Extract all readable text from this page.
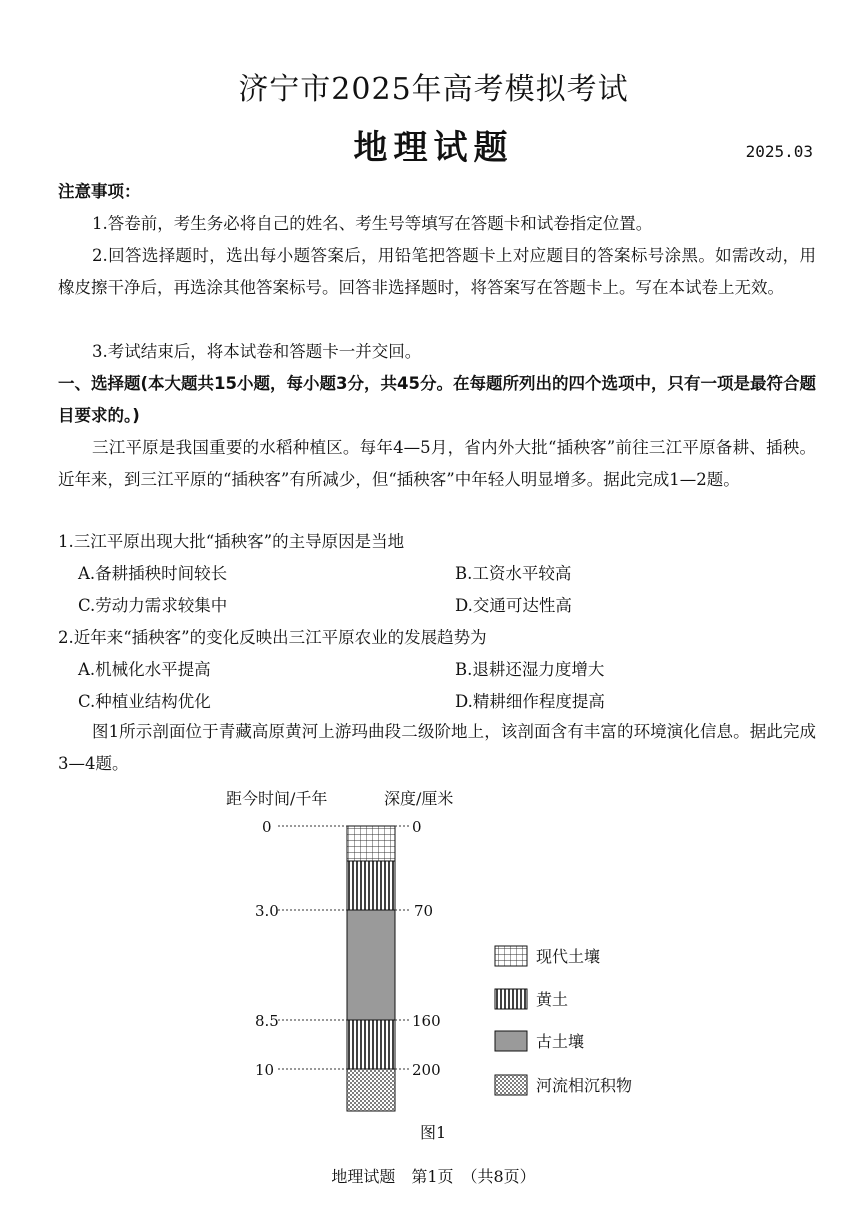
济宁市2025年高考模拟考试
地理试题	2025.03
注意事项：
1.答卷前，考生务必将自己的姓名、考生号等填写在答题卡和试卷指定位置。
2.回答选择题时，选出每小题答案后，用铅笔把答题卡上对应题目的答案标号涂黑。如需改动，用橡皮擦干净后，再选涂其他答案标号。回答非选择题时，将答案写在答题卡上。写在本试卷上无效。
3.考试结束后，将本试卷和答题卡一并交回。
一、选择题(本大题共15小题，每小题3分，共45分。在每题所列出的四个选项中，只有一项是最符合题目要求的。)
三江平原是我国重要的水稻种植区。每年4—5月，省内外大批“插秧客”前往三江平原备耕、插秧。近年来，到三江平原的“插秧客”有所减少，但“插秧客”中年轻人明显增多。据此完成1—2题。
1.三江平原出现大批“插秧客”的主导原因是当地
A.备耕插秧时间较长	B.工资水平较高
C.劳动力需求较集中	D.交通可达性高
2.近年来“插秧客”的变化反映出三江平原农业的发展趋势为
A.机械化水平提高	B.退耕还湿力度增大
C.种植业结构优化	D.精耕细作程度提高
图1所示剖面位于青藏高原黄河上游玛曲段二级阶地上，该剖面含有丰富的环境演化信息。据此完成3—4题。
距今时间/千年	深度/厘米
0
3.0
8.5
10
0
70
160
200
现代土壤
黄土
古土壤
河流相沉积物
图1
地理试题　第1页　（共8页）
